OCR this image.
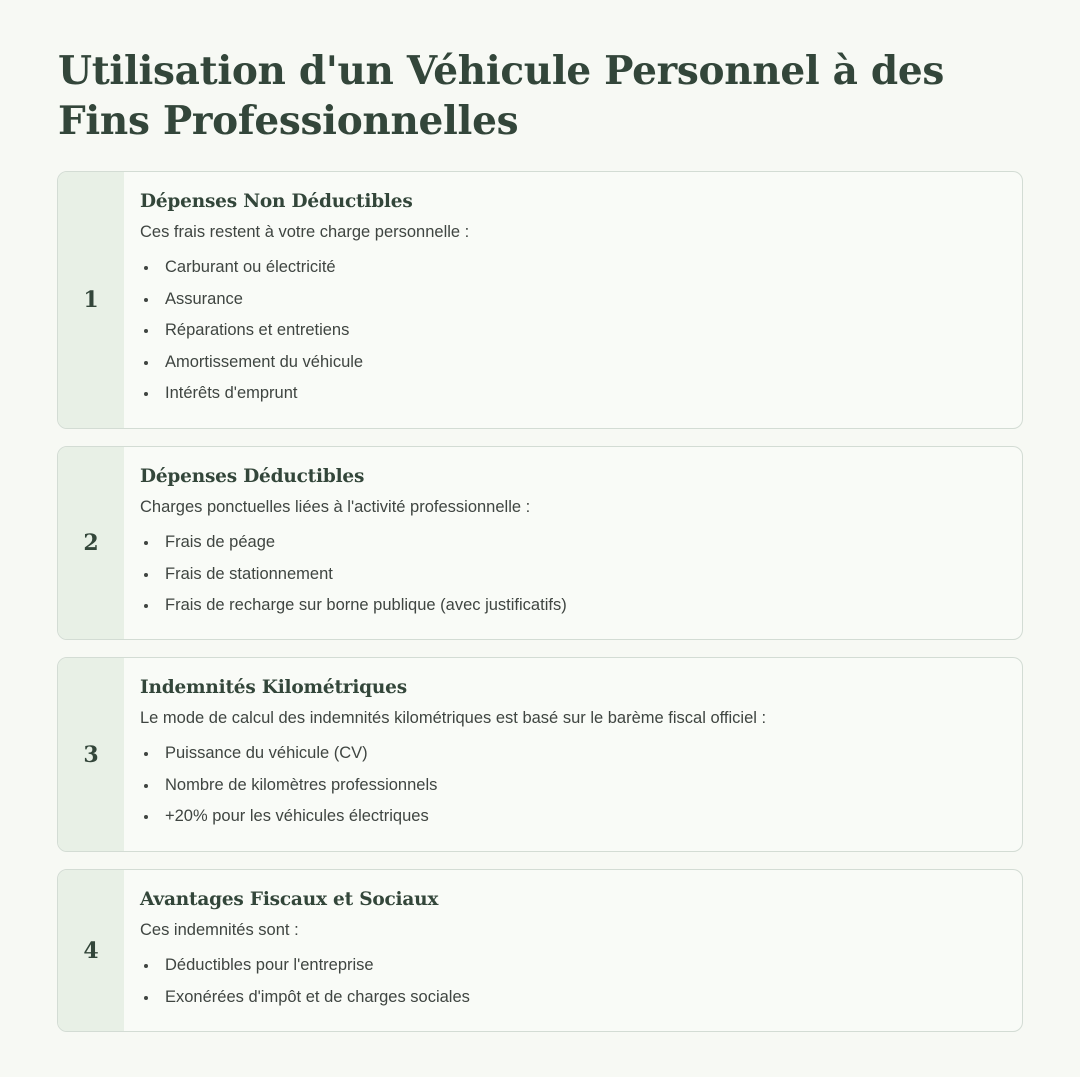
Utilisation d'un Véhicule Personnel à des Fins Professionnelles
1
Dépenses Non Déductibles

Ces frais restent à votre charge personnelle :

Carburant ou électricité
Assurance
Réparations et entretiens
Amortissement du véhicule
Intérêts d'emprunt
2
Dépenses Déductibles

Charges ponctuelles liées à l'activité professionnelle :

Frais de péage
Frais de stationnement
Frais de recharge sur borne publique (avec justificatifs)
3
Indemnités Kilométriques

Le mode de calcul des indemnités kilométriques est basé sur le barème fiscal officiel :

Puissance du véhicule (CV)
Nombre de kilomètres professionnels
+20% pour les véhicules électriques
4
Avantages Fiscaux et Sociaux

Ces indemnités sont :

Déductibles pour l'entreprise
Exonérées d'impôt et de charges sociales
